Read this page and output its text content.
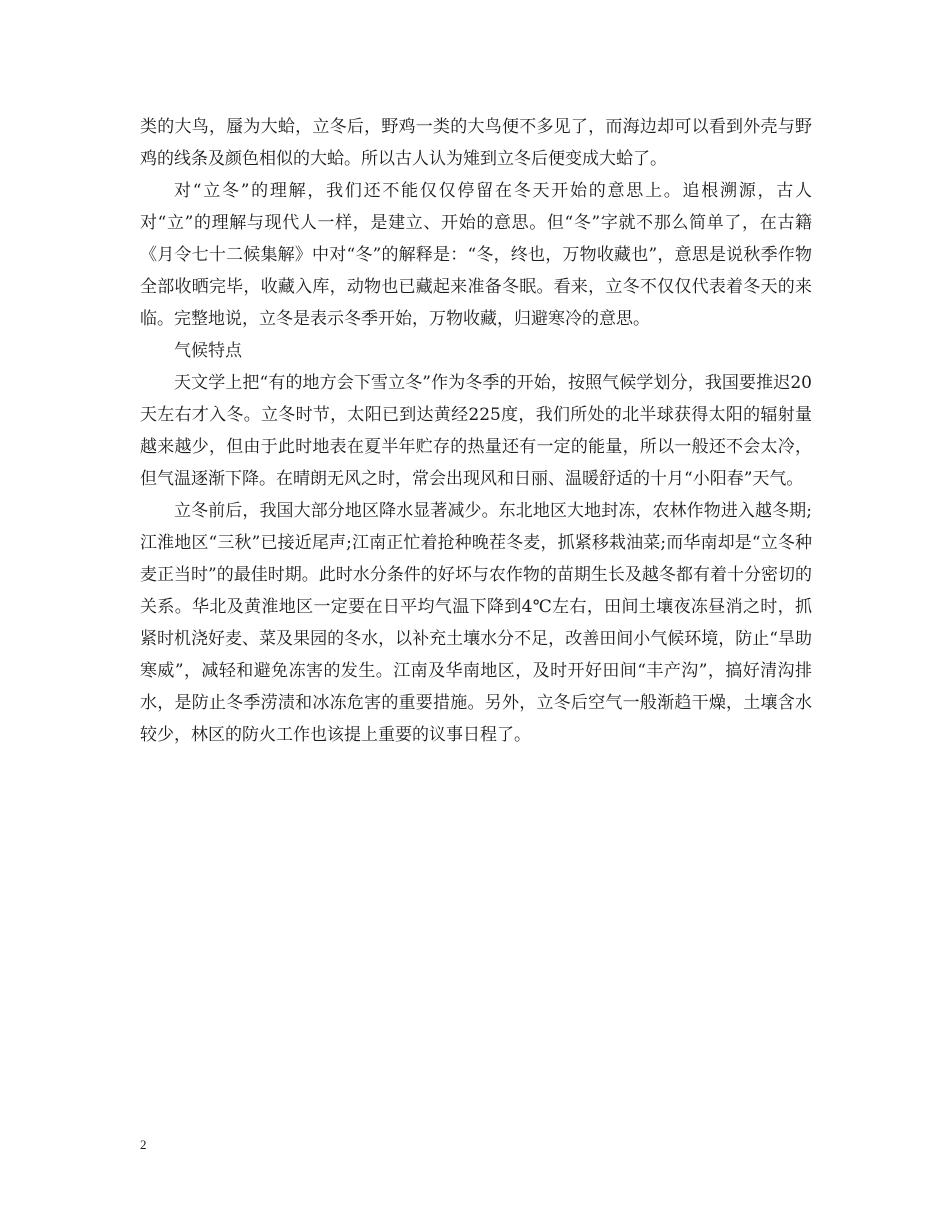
类的大鸟，蜃为大蛤，立冬后，野鸡一类的大鸟便不多见了，而海边却可以看到外壳与野鸡的线条及颜色相似的大蛤。所以古人认为雉到立冬后便变成大蛤了。

对“立冬”的理解，我们还不能仅仅停留在冬天开始的意思上。追根溯源，古人对“立”的理解与现代人一样，是建立、开始的意思。但“冬”字就不那么简单了，在古籍《月令七十二候集解》中对“冬”的解释是：“冬，终也，万物收藏也”，意思是说秋季作物全部收晒完毕，收藏入库，动物也已藏起来准备冬眠。看来，立冬不仅仅代表着冬天的来临。完整地说，立冬是表示冬季开始，万物收藏，归避寒冷的意思。

气候特点

天文学上把“有的地方会下雪立冬”作为冬季的开始，按照气候学划分，我国要推迟20天左右才入冬。立冬时节，太阳已到达黄经225度，我们所处的北半球获得太阳的辐射量越来越少，但由于此时地表在夏半年贮存的热量还有一定的能量，所以一般还不会太冷，但气温逐渐下降。在晴朗无风之时，常会出现风和日丽、温暖舒适的十月“小阳春”天气。

立冬前后，我国大部分地区降水显著减少。东北地区大地封冻，农林作物进入越冬期;江淮地区“三秋”已接近尾声;江南正忙着抢种晚茬冬麦，抓紧移栽油菜;而华南却是“立冬种麦正当时”的最佳时期。此时水分条件的好坏与农作物的苗期生长及越冬都有着十分密切的关系。华北及黄淮地区一定要在日平均气温下降到4℃左右，田间土壤夜冻昼消之时，抓紧时机浇好麦、菜及果园的冬水，以补充土壤水分不足，改善田间小气候环境，防止“旱助寒威”，减轻和避免冻害的发生。江南及华南地区，及时开好田间“丰产沟”，搞好清沟排水，是防止冬季涝渍和冰冻危害的重要措施。另外，立冬后空气一般渐趋干燥，土壤含水较少，林区的防火工作也该提上重要的议事日程了。

2
